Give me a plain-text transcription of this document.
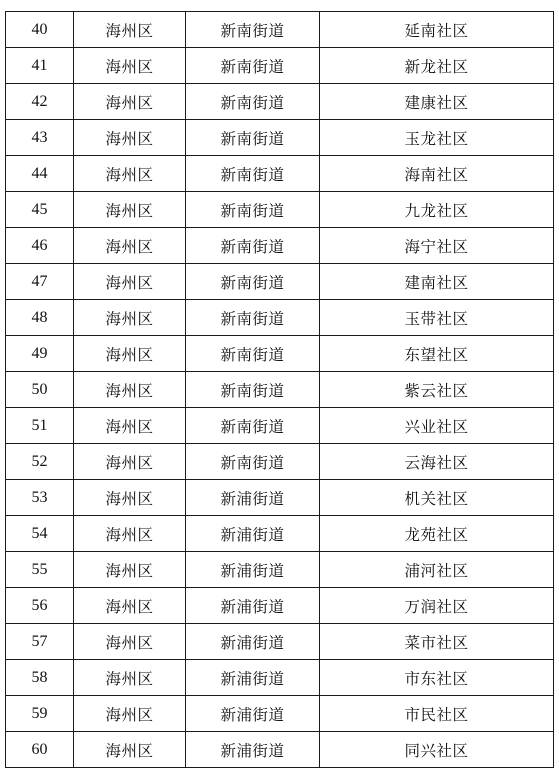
40	海州区	新南街道	延南社区
41	海州区	新南街道	新龙社区
42	海州区	新南街道	建康社区
43	海州区	新南街道	玉龙社区
44	海州区	新南街道	海南社区
45	海州区	新南街道	九龙社区
46	海州区	新南街道	海宁社区
47	海州区	新南街道	建南社区
48	海州区	新南街道	玉带社区
49	海州区	新南街道	东望社区
50	海州区	新南街道	紫云社区
51	海州区	新南街道	兴业社区
52	海州区	新南街道	云海社区
53	海州区	新浦街道	机关社区
54	海州区	新浦街道	龙苑社区
55	海州区	新浦街道	浦河社区
56	海州区	新浦街道	万润社区
57	海州区	新浦街道	菜市社区
58	海州区	新浦街道	市东社区
59	海州区	新浦街道	市民社区
60	海州区	新浦街道	同兴社区
